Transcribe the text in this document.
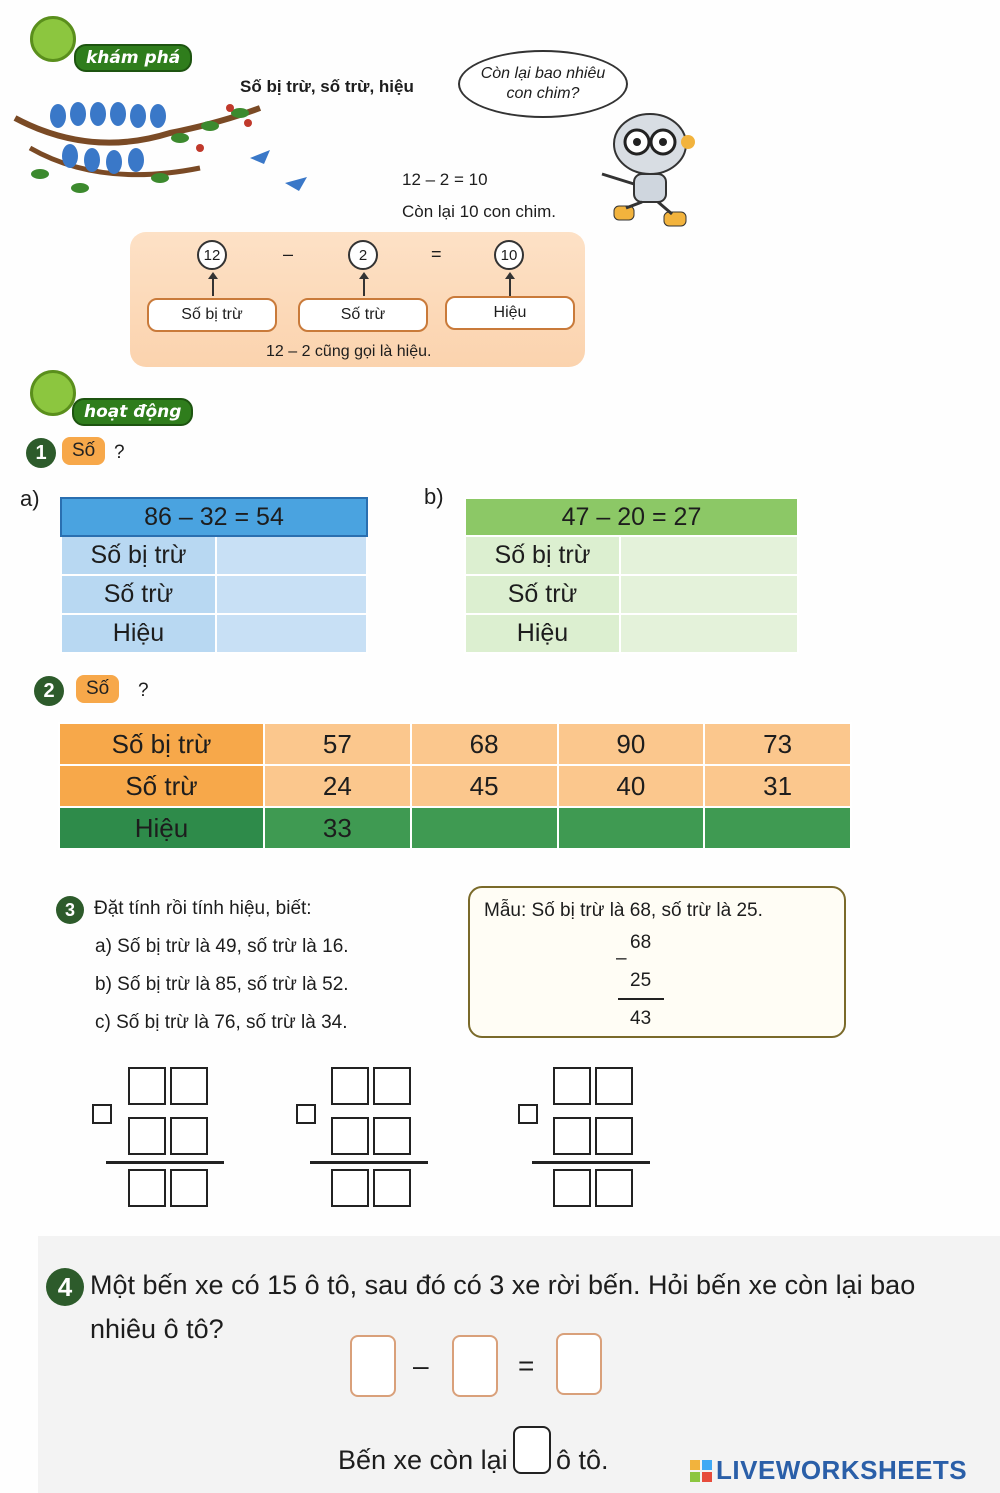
khám phá
Số bị trừ, số trừ, hiệu
Còn lại bao nhiêu
con chim?
12 – 2 = 10
Còn lại 10 con chim.
12	–	2	=	10
Số bị trừ	Số trừ	Hiệu
12 – 2 cũng gọi là hiệu.
hoạt động
1	Số ?
a)
86 – 32 = 54	
Số bị trừ	
Số trừ	
Hiệu	
b)
47 – 20 = 27	
Số bị trừ	
Số trừ	
Hiệu	
2	Số	?
Số bị trừ	57	68	90	73
Số trừ	24	45	40	31
Hiệu	33			
3	Đặt tính rồi tính hiệu, biết:
a) Số bị trừ là 49, số trừ là 16.
b) Số bị trừ là 85, số trừ là 52.
c) Số bị trừ là 76, số trừ là 34.
Mẫu: Số bị trừ là 68, số trừ là 25.
68
–
25
43
4 Một bến xe có 15 ô tô, sau đó có 3 xe rời bến. Hỏi bến xe còn lại bao
nhiêu ô tô?
–	=
Bến xe còn lại ô tô.	LIVEWORKSHEETS
